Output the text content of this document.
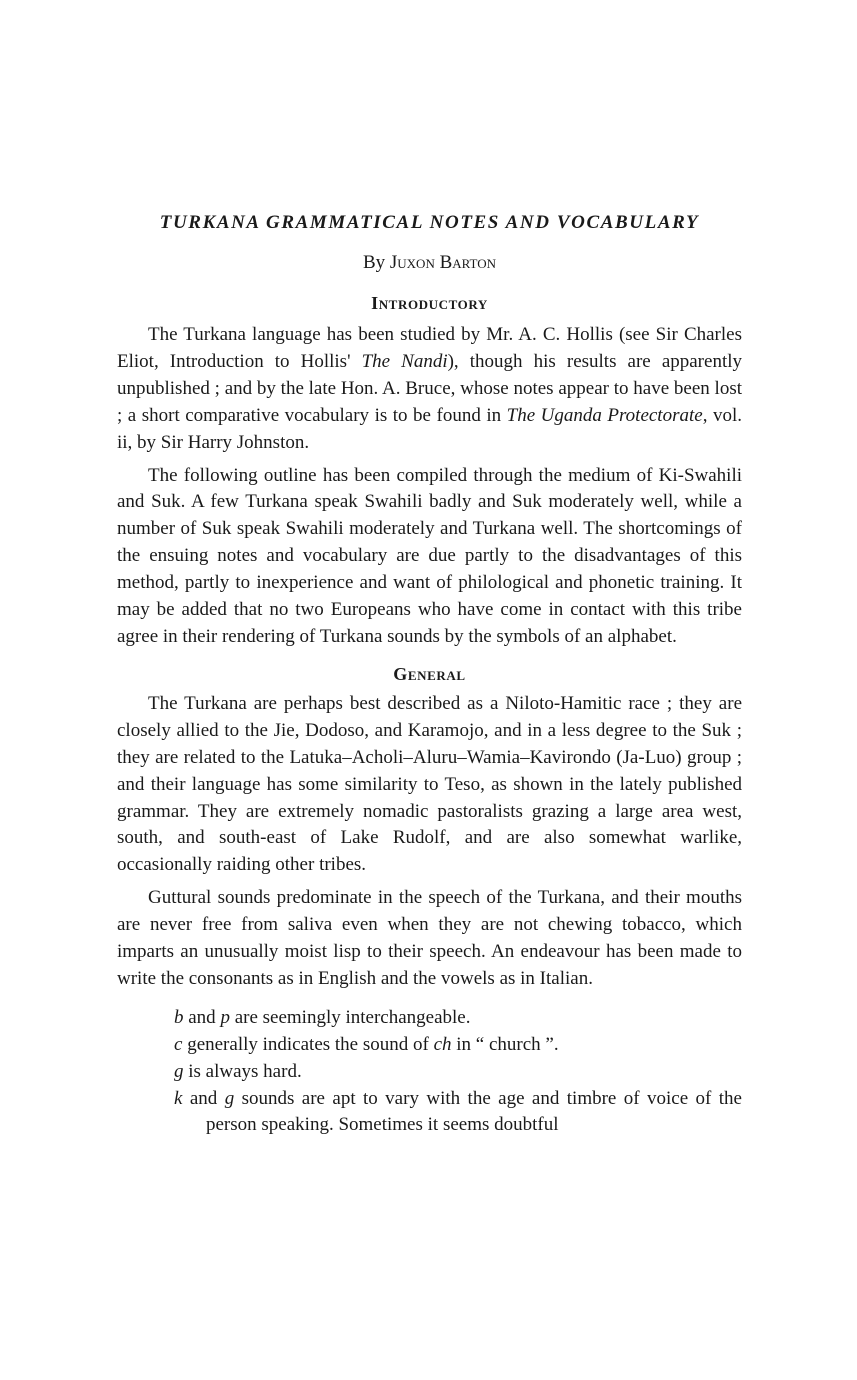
TURKANA GRAMMATICAL NOTES AND VOCABULARY
By Juxon Barton
Introductory

The Turkana language has been studied by Mr. A. C. Hollis (see Sir Charles Eliot, Introduction to Hollis' The Nandi), though his results are apparently unpublished ; and by the late Hon. A. Bruce, whose notes appear to have been lost ; a short comparative vocabulary is to be found in The Uganda Protectorate, vol. ii, by Sir Harry Johnston.

The following outline has been compiled through the medium of Ki-Swahili and Suk. A few Turkana speak Swahili badly and Suk moderately well, while a number of Suk speak Swahili moderately and Turkana well. The shortcomings of the ensuing notes and vocabulary are due partly to the disadvantages of this method, partly to inexperience and want of philological and phonetic training. It may be added that no two Europeans who have come in contact with this tribe agree in their rendering of Turkana sounds by the symbols of an alphabet.

General

The Turkana are perhaps best described as a Niloto-Hamitic race ; they are closely allied to the Jie, Dodoso, and Karamojo, and in a less degree to the Suk ; they are related to the Latuka–Acholi–Aluru–Wamia–Kavirondo (Ja-Luo) group ; and their language has some similarity to Teso, as shown in the lately published grammar. They are extremely nomadic pastoralists grazing a large area west, south, and south-east of Lake Rudolf, and are also somewhat warlike, occasionally raiding other tribes.

Guttural sounds predominate in the speech of the Turkana, and their mouths are never free from saliva even when they are not chewing tobacco, which imparts an unusually moist lisp to their speech. An endeavour has been made to write the consonants as in English and the vowels as in Italian.

b and p are seemingly interchangeable.
c generally indicates the sound of ch in “ church ”.
g is always hard.
k and g sounds are apt to vary with the age and timbre of voice of the person speaking. Sometimes it seems doubtful
